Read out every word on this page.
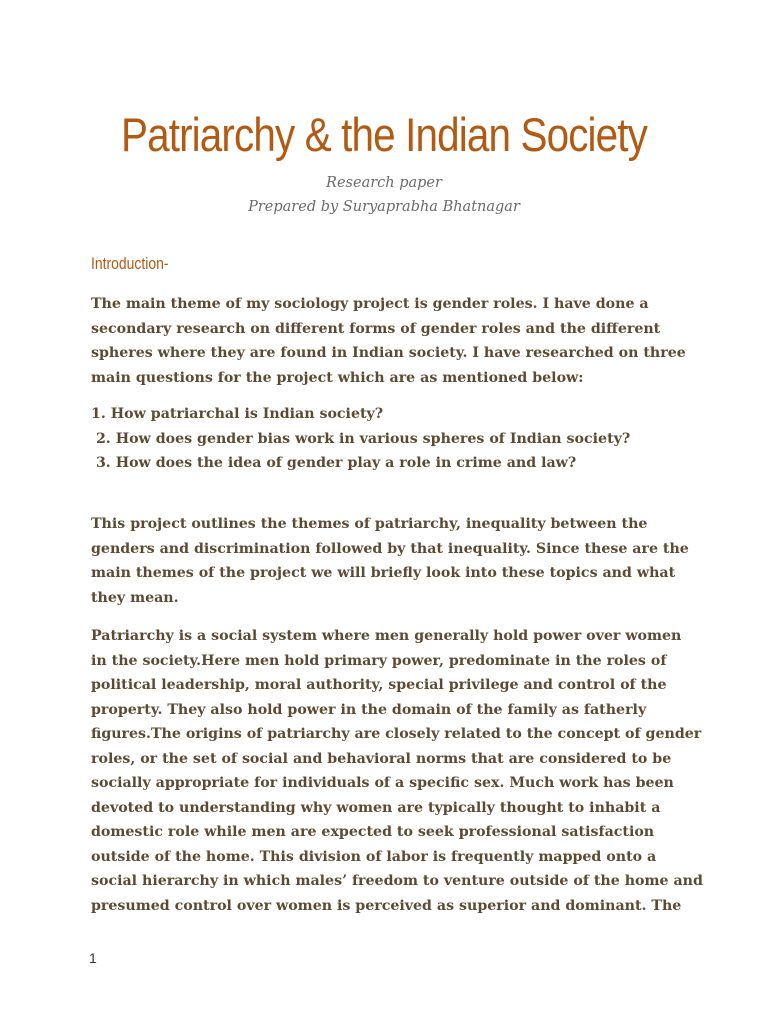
Patriarchy & the Indian Society

Research paper

Prepared by Suryaprabha Bhatnagar

Introduction-
The main theme of my sociology project is gender roles. I have done a
secondary research on different forms of gender roles and the different
spheres where they are found in Indian society. I have researched on three
main questions for the project which are as mentioned below:
1. How patriarchal is Indian society?
2. How does gender bias work in various spheres of Indian society?
3. How does the idea of gender play a role in crime and law?
This project outlines the themes of patriarchy, inequality between the
genders and discrimination followed by that inequality. Since these are the
main themes of the project we will briefly look into these topics and what
they mean.
Patriarchy is a social system where men generally hold power over women
in the society.Here men hold primary power, predominate in the roles of
political leadership, moral authority, special privilege and control of the
property. They also hold power in the domain of the family as fatherly
figures.The origins of patriarchy are closely related to the concept of gender
roles, or the set of social and behavioral norms that are considered to be
socially appropriate for individuals of a specific sex. Much work has been
devoted to understanding why women are typically thought to inhabit a
domestic role while men are expected to seek professional satisfaction
outside of the home. This division of labor is frequently mapped onto a
social hierarchy in which males’ freedom to venture outside of the home and
presumed control over women is perceived as superior and dominant. The

1
